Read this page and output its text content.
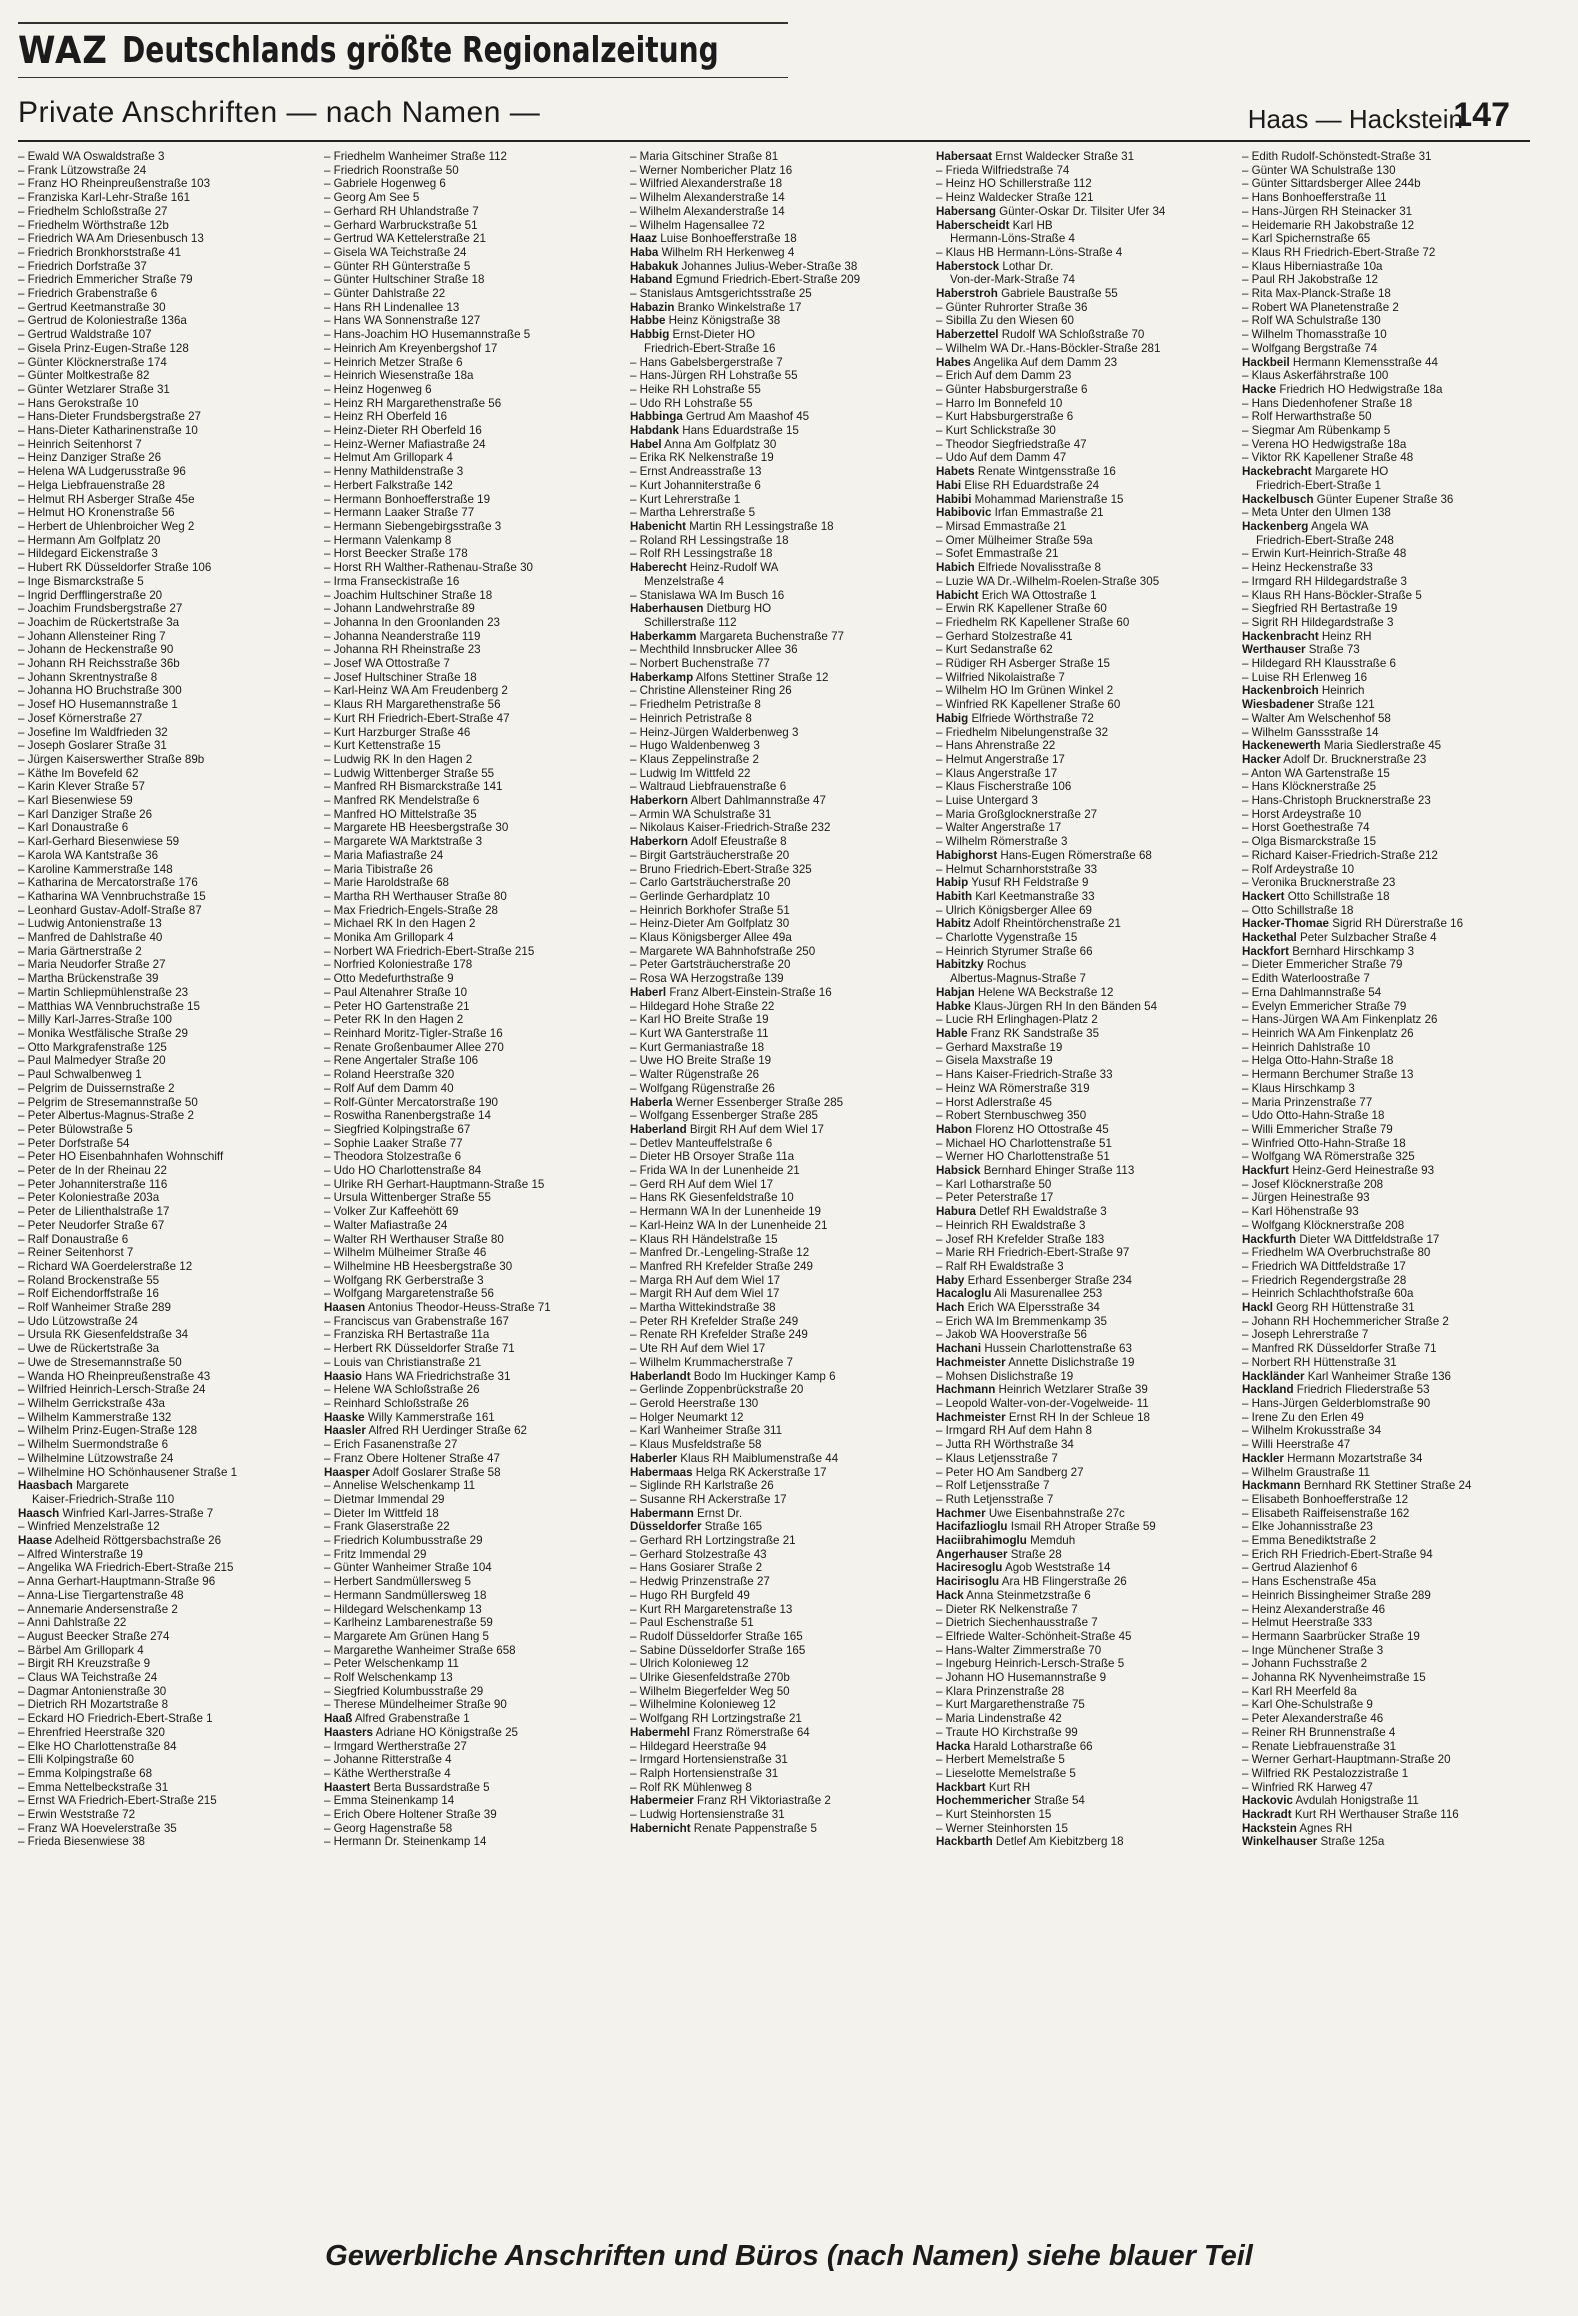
WAZ Deutschlands größte Regionalzeitung
Private Anschriften — nach Namen —	Haas — Hackstein
147
– Ewald WA Oswaldstraße 3
– Frank Lützowstraße 24
– Franz HO Rheinpreußenstraße 103
– Franziska Karl-Lehr-Straße 161
– Friedhelm Schloßstraße 27
– Friedhelm Wörthstraße 12b
– Friedrich WA Am Driesenbusch 13
– Friedrich Bronkhorststraße 41
– Friedrich Dorfstraße 37
– Friedrich Emmericher Straße 79
– Friedrich Grabenstraße 6
– Gertrud Keetmanstraße 30
– Gertrud de Koloniestraße 136a
– Gertrud Waldstraße 107
– Gisela Prinz-Eugen-Straße 128
– Günter Klöcknerstraße 174
– Günter Moltkestraße 82
– Günter Wetzlarer Straße 31
– Hans Gerokstraße 10
– Hans-Dieter Frundsbergstraße 27
– Hans-Dieter Katharinenstraße 10
– Heinrich Seitenhorst 7
– Heinz Danziger Straße 26
– Helena WA Ludgerusstraße 96
– Helga Liebfrauenstraße 28
– Helmut RH Asberger Straße 45e
– Helmut HO Kronenstraße 56
– Herbert de Uhlenbroicher Weg 2
– Hermann Am Golfplatz 20
– Hildegard Eickenstraße 3
– Hubert RK Düsseldorfer Straße 106
– Inge Bismarckstraße 5
– Ingrid Derfflingerstraße 20
– Joachim Frundsbergstraße 27
– Joachim de Rückertstraße 3a
– Johann Allensteiner Ring 7
– Johann de Heckenstraße 90
– Johann RH Reichsstraße 36b
– Johann Skrentnystraße 8
– Johanna HO Bruchstraße 300
– Josef HO Husemannstraße 1
– Josef Körnerstraße 27
– Josefine Im Waldfrieden 32
– Joseph Goslarer Straße 31
– Jürgen Kaiserswerther Straße 89b
– Käthe Im Bovefeld 62
– Karin Klever Straße 57
– Karl Biesenwiese 59
– Karl Danziger Straße 26
– Karl Donaustraße 6
– Karl-Gerhard Biesenwiese 59
– Karola WA Kantstraße 36
– Karoline Kammerstraße 148
– Katharina de Mercatorstraße 176
– Katharina WA Vennbruchstraße 15
– Leonhard Gustav-Adolf-Straße 87
– Ludwig Antonienstraße 13
– Manfred de Dahlstraße 40
– Maria Gärtnerstraße 2
– Maria Neudorfer Straße 27
– Martha Brückenstraße 39
– Martin Schliepmühlenstraße 23
– Matthias WA Vennbruchstraße 15
– Milly Karl-Jarres-Straße 100
– Monika Westfälische Straße 29
– Otto Markgrafenstraße 125
– Paul Malmedyer Straße 20
– Paul Schwalbenweg 1
– Pelgrim de Duissernstraße 2
– Pelgrim de Stresemannstraße 50
– Peter Albertus-Magnus-Straße 2
– Peter Bülowstraße 5
– Peter Dorfstraße 54
– Peter HO Eisenbahnhafen Wohnschiff
– Peter de In der Rheinau 22
– Peter Johanniterstraße 116
– Peter Koloniestraße 203a
– Peter de Lilienthalstraße 17
– Peter Neudorfer Straße 67
– Ralf Donaustraße 6
– Reiner Seitenhorst 7
– Richard WA Goerdelerstraße 12
– Roland Brockenstraße 55
– Rolf Eichendorffstraße 16
– Rolf Wanheimer Straße 289
– Udo Lützowstraße 24
– Ursula RK Giesenfeldstraße 34
– Uwe de Rückertstraße 3a
– Uwe de Stresemannstraße 50
– Wanda HO Rheinpreußenstraße 43
– Wilfried Heinrich-Lersch-Straße 24
– Wilhelm Gerrickstraße 43a
– Wilhelm Kammerstraße 132
– Wilhelm Prinz-Eugen-Straße 128
– Wilhelm Suermondstraße 6
– Wilhelmine Lützowstraße 24
– Wilhelmine HO Schönhausener Straße 1
Haasbach Margarete
Kaiser-Friedrich-Straße 110
Haasch Winfried Karl-Jarres-Straße 7
– Winfried Menzelstraße 12
Haase Adelheid Röttgersbachstraße 26
– Alfred Winterstraße 19
– Angelika WA Friedrich-Ebert-Straße 215
– Anna Gerhart-Hauptmann-Straße 96
– Anna-Lise Tiergartenstraße 48
– Annemarie Andersenstraße 2
– Anni Dahlstraße 22
– August Beecker Straße 274
– Bärbel Am Grillopark 4
– Birgit RH Kreuzstraße 9
– Claus WA Teichstraße 24
– Dagmar Antonienstraße 30
– Dietrich RH Mozartstraße 8
– Eckard HO Friedrich-Ebert-Straße 1
– Ehrenfried Heerstraße 320
– Elke HO Charlottenstraße 84
– Elli Kolpingstraße 60
– Emma Kolpingstraße 68
– Emma Nettelbeckstraße 31
– Ernst WA Friedrich-Ebert-Straße 215
– Erwin Weststraße 72
– Franz WA Hoevelerstraße 35
– Frieda Biesenwiese 38
– Friedhelm Wanheimer Straße 112
– Friedrich Roonstraße 50
– Gabriele Hogenweg 6
– Georg Am See 5
– Gerhard RH Uhlandstraße 7
– Gerhard Warbruckstraße 51
– Gertrud WA Kettelerstraße 21
– Gisela WA Teichstraße 24
– Günter RH Günterstraße 5
– Günter Hultschiner Straße 18
– Günter Dahlstraße 22
– Hans RH Lindenallee 13
– Hans WA Sonnenstraße 127
– Hans-Joachim HO Husemannstraße 5
– Heinrich Am Kreyenbergshof 17
– Heinrich Metzer Straße 6
– Heinrich Wiesenstraße 18a
– Heinz Hogenweg 6
– Heinz RH Margarethenstraße 56
– Heinz RH Oberfeld 16
– Heinz-Dieter RH Oberfeld 16
– Heinz-Werner Mafiastraße 24
– Helmut Am Grillopark 4
– Henny Mathildenstraße 3
– Herbert Falkstraße 142
– Hermann Bonhoefferstraße 19
– Hermann Laaker Straße 77
– Hermann Siebengebirgsstraße 3
– Hermann Valenkamp 8
– Horst Beecker Straße 178
– Horst RH Walther-Rathenau-Straße 30
– Irma Franseckistraße 16
– Joachim Hultschiner Straße 18
– Johann Landwehrstraße 89
– Johanna In den Groonlanden 23
– Johanna Neanderstraße 119
– Johanna RH Rheinstraße 23
– Josef WA Ottostraße 7
– Josef Hultschiner Straße 18
– Karl-Heinz WA Am Freudenberg 2
– Klaus RH Margarethenstraße 56
– Kurt RH Friedrich-Ebert-Straße 47
– Kurt Harzburger Straße 46
– Kurt Kettenstraße 15
– Ludwig RK In den Hagen 2
– Ludwig Wittenberger Straße 55
– Manfred RH Bismarckstraße 141
– Manfred RK Mendelstraße 6
– Manfred HO Mittelstraße 35
– Margarete HB Heesbergstraße 30
– Margarete WA Marktstraße 3
– Maria Mafiastraße 24
– Maria Tibistraße 26
– Marie Haroldstraße 68
– Martha RH Werthauser Straße 80
– Max Friedrich-Engels-Straße 28
– Michael RK In den Hagen 2
– Monika Am Grillopark 4
– Norbert WA Friedrich-Ebert-Straße 215
– Norfried Koloniestraße 178
– Otto Medefurthstraße 9
– Paul Altenahrer Straße 10
– Peter HO Gartenstraße 21
– Peter RK In den Hagen 2
– Reinhard Moritz-Tigler-Straße 16
– Renate Großenbaumer Allee 270
– Rene Angertaler Straße 106
– Roland Heerstraße 320
– Rolf Auf dem Damm 40
– Rolf-Günter Mercatorstraße 190
– Roswitha Ranenbergstraße 14
– Siegfried Kolpingstraße 67
– Sophie Laaker Straße 77
– Theodora Stolzestraße 6
– Udo HO Charlottenstraße 84
– Ulrike RH Gerhart-Hauptmann-Straße 15
– Ursula Wittenberger Straße 55
– Volker Zur Kaffeehött 69
– Walter Mafiastraße 24
– Walter RH Werthauser Straße 80
– Wilhelm Mülheimer Straße 46
– Wilhelmine HB Heesbergstraße 30
– Wolfgang RK Gerberstraße 3
– Wolfgang Margaretenstraße 56
Haasen Antonius Theodor-Heuss-Straße 71
– Franciscus van Grabenstraße 167
– Franziska RH Bertastraße 11a
– Herbert RK Düsseldorfer Straße 71
– Louis van Christianstraße 21
Haasio Hans WA Friedrichstraße 31
– Helene WA Schloßstraße 26
– Reinhard Schloßstraße 26
Haaske Willy Kammerstraße 161
Haasler Alfred RH Uerdinger Straße 62
– Erich Fasanenstraße 27
– Franz Obere Holtener Straße 47
Haasper Adolf Goslarer Straße 58
– Annelise Welschenkamp 11
– Dietmar Immendal 29
– Dieter Im Wittfeld 18
– Frank Glaserstraße 22
– Friedrich Kolumbusstraße 29
– Fritz Immendal 29
– Günter Wanheimer Straße 104
– Herbert Sandmüllersweg 5
– Hermann Sandmüllersweg 18
– Hildegard Welschenkamp 13
– Karlheinz Lambarenestraße 59
– Margarete Am Grünen Hang 5
– Margarethe Wanheimer Straße 658
– Peter Welschenkamp 11
– Rolf Welschenkamp 13
– Siegfried Kolumbusstraße 29
– Therese Mündelheimer Straße 90
Haaß Alfred Grabenstraße 1
Haasters Adriane HO Königstraße 25
– Irmgard Wertherstraße 27
– Johanne Ritterstraße 4
– Käthe Wertherstraße 4
Haastert Berta Bussardstraße 5
– Emma Steinenkamp 14
– Erich Obere Holtener Straße 39
– Georg Hagenstraße 58
– Hermann Dr. Steinenkamp 14
– Maria Gitschiner Straße 81
– Werner Nombericher Platz 16
– Wilfried Alexanderstraße 18
– Wilhelm Alexanderstraße 14
– Wilhelm Alexanderstraße 14
– Wilhelm Hagensallee 72
Haaz Luise Bonhoefferstraße 18
Haba Wilhelm RH Herkenweg 4
Habakuk Johannes Julius-Weber-Straße 38
Haband Egmund Friedrich-Ebert-Straße 209
– Stanislaus Amtsgerichtsstraße 25
Habazin Branko Winkelstraße 17
Habbe Heinz Königstraße 38
Habbig Ernst-Dieter HO
Friedrich-Ebert-Straße 16
– Hans Gabelsbergerstraße 7
– Hans-Jürgen RH Lohstraße 55
– Heike RH Lohstraße 55
– Udo RH Lohstraße 55
Habbinga Gertrud Am Maashof 45
Habdank Hans Eduardstraße 15
Habel Anna Am Golfplatz 30
– Erika RK Nelkenstraße 19
– Ernst Andreasstraße 13
– Kurt Johanniterstraße 6
– Kurt Lehrerstraße 1
– Martha Lehrerstraße 5
Habenicht Martin RH Lessingstraße 18
– Roland RH Lessingstraße 18
– Rolf RH Lessingstraße 18
Haberecht Heinz-Rudolf WA
Menzelstraße 4
– Stanislawa WA Im Busch 16
Haberhausen Dietburg HO
Schillerstraße 112
Haberkamm Margareta Buchenstraße 77
– Mechthild Innsbrucker Allee 36
– Norbert Buchenstraße 77
Haberkamp Alfons Stettiner Straße 12
– Christine Allensteiner Ring 26
– Friedhelm Petristraße 8
– Heinrich Petristraße 8
– Heinz-Jürgen Walderbenweg 3
– Hugo Waldenbenweg 3
– Klaus Zeppelinstraße 2
– Ludwig Im Wittfeld 22
– Waltraud Liebfrauenstraße 6
Haberkorn Albert Dahlmannstraße 47
– Armin WA Schulstraße 31
– Nikolaus Kaiser-Friedrich-Straße 232
Haberkorn Adolf Efeustraße 8
– Birgit Gartsträucherstraße 20
– Bruno Friedrich-Ebert-Straße 325
– Carlo Gartsträucherstraße 20
– Gerlinde Gerhardplatz 10
– Heinrich Borkhofer Straße 51
– Heinz-Dieter Am Golfplatz 30
– Klaus Königsberger Allee 49a
– Margarete WA Bahnhofstraße 250
– Peter Gartsträucherstraße 20
– Rosa WA Herzogstraße 139
Haberl Franz Albert-Einstein-Straße 16
– Hildegard Hohe Straße 22
– Karl HO Breite Straße 19
– Kurt WA Ganterstraße 11
– Kurt Germaniastraße 18
– Uwe HO Breite Straße 19
– Walter Rügenstraße 26
– Wolfgang Rügenstraße 26
Haberla Werner Essenberger Straße 285
– Wolfgang Essenberger Straße 285
Haberland Birgit RH Auf dem Wiel 17
– Detlev Manteuffelstraße 6
– Dieter HB Orsoyer Straße 11a
– Frida WA In der Lunenheide 21
– Gerd RH Auf dem Wiel 17
– Hans RK Giesenfeldstraße 10
– Hermann WA In der Lunenheide 19
– Karl-Heinz WA In der Lunenheide 21
– Klaus RH Händelstraße 15
– Manfred Dr.-Lengeling-Straße 12
– Manfred RH Krefelder Straße 249
– Marga RH Auf dem Wiel 17
– Margit RH Auf dem Wiel 17
– Martha Wittekindstraße 38
– Peter RH Krefelder Straße 249
– Renate RH Krefelder Straße 249
– Ute RH Auf dem Wiel 17
– Wilhelm Krummacherstraße 7
Haberlandt Bodo Im Huckinger Kamp 6
– Gerlinde Zoppenbrückstraße 20
– Gerold Heerstraße 130
– Holger Neumarkt 12
– Karl Wanheimer Straße 311
– Klaus Musfeldstraße 58
Haberler Klaus RH Maiblumenstraße 44
Habermaas Helga RK Ackerstraße 17
– Siglinde RH Karlstraße 26
– Susanne RH Ackerstraße 17
Habermann Ernst Dr.
Düsseldorfer Straße 165
– Gerhard RH Lortzingstraße 21
– Gerhard Stolzestraße 43
– Hans Gosiarer Straße 2
– Hedwig Prinzenstraße 27
– Hugo RH Burgfeld 49
– Kurt RH Margaretenstraße 13
– Paul Eschenstraße 51
– Rudolf Düsseldorfer Straße 165
– Sabine Düsseldorfer Straße 165
– Ulrich Kolonieweg 12
– Ulrike Giesenfeldstraße 270b
– Wilhelm Biegerfelder Weg 50
– Wilhelmine Kolonieweg 12
– Wolfgang RH Lortzingstraße 21
Habermehl Franz Römerstraße 64
– Hildegard Heerstraße 94
– Irmgard Hortensienstraße 31
– Ralph Hortensienstraße 31
– Rolf RK Mühlenweg 8
Habermeier Franz RH Viktoriastraße 2
– Ludwig Hortensienstraße 31
Habernicht Renate Pappenstraße 5
Habersaat Ernst Waldecker Straße 31
– Frieda Wilfriedstraße 74
– Heinz HO Schillerstraße 112
– Heinz Waldecker Straße 121
Habersang Günter-Oskar Dr. Tilsiter Ufer 34
Haberscheidt Karl HB
Hermann-Löns-Straße 4
– Klaus HB Hermann-Löns-Straße 4
Haberstock Lothar Dr.
Von-der-Mark-Straße 74
Haberstroh Gabriele Baustraße 55
– Günter Ruhrorter Straße 36
– Sibilla Zu den Wiesen 60
Haberzettel Rudolf WA Schloßstraße 70
– Wilhelm WA Dr.-Hans-Böckler-Straße 281
Habes Angelika Auf dem Damm 23
– Erich Auf dem Damm 23
– Günter Habsburgerstraße 6
– Harro Im Bonnefeld 10
– Kurt Habsburgerstraße 6
– Kurt Schlickstraße 30
– Theodor Siegfriedstraße 47
– Udo Auf dem Damm 47
Habets Renate Wintgensstraße 16
Habi Elise RH Eduardstraße 24
Habibi Mohammad Marienstraße 15
Habibovic Irfan Emmastraße 21
– Mirsad Emmastraße 21
– Omer Mülheimer Straße 59a
– Sofet Emmastraße 21
Habich Elfriede Novalisstraße 8
– Luzie WA Dr.-Wilhelm-Roelen-Straße 305
Habicht Erich WA Ottostraße 1
– Erwin RK Kapellener Straße 60
– Friedhelm RK Kapellener Straße 60
– Gerhard Stolzestraße 41
– Kurt Sedanstraße 62
– Rüdiger RH Asberger Straße 15
– Wilfried Nikolaistraße 7
– Wilhelm HO Im Grünen Winkel 2
– Winfried RK Kapellener Straße 60
Habig Elfriede Wörthstraße 72
– Friedhelm Nibelungenstraße 32
– Hans Ahrenstraße 22
– Helmut Angerstraße 17
– Klaus Angerstraße 17
– Klaus Fischerstraße 106
– Luise Untergard 3
– Maria Großglocknerstraße 27
– Walter Angerstraße 17
– Wilhelm Römerstraße 3
Habighorst Hans-Eugen Römerstraße 68
– Helmut Scharnhorststraße 33
Habip Yusuf RH Feldstraße 9
Habith Karl Keetmanstraße 33
– Ulrich Königsberger Allee 69
Habitz Adolf Rheintörchenstraße 21
– Charlotte Vygenstraße 15
– Heinrich Styrumer Straße 66
Habitzky Rochus
Albertus-Magnus-Straße 7
Habjan Helene WA Beckstraße 12
Habke Klaus-Jürgen RH In den Bänden 54
– Lucie RH Erlinghagen-Platz 2
Hable Franz RK Sandstraße 35
– Gerhard Maxstraße 19
– Gisela Maxstraße 19
– Hans Kaiser-Friedrich-Straße 33
– Heinz WA Römerstraße 319
– Horst Adlerstraße 45
– Robert Sternbuschweg 350
Habon Florenz HO Ottostraße 45
– Michael HO Charlottenstraße 51
– Werner HO Charlottenstraße 51
Habsick Bernhard Ehinger Straße 113
– Karl Lotharstraße 50
– Peter Peterstraße 17
Habura Detlef RH Ewaldstraße 3
– Heinrich RH Ewaldstraße 3
– Josef RH Krefelder Straße 183
– Marie RH Friedrich-Ebert-Straße 97
– Ralf RH Ewaldstraße 3
Haby Erhard Essenberger Straße 234
Hacaloglu Ali Masurenallee 253
Hach Erich WA Elpersstraße 34
– Erich WA Im Bremmenkamp 35
– Jakob WA Hooverstraße 56
Hachani Hussein Charlottenstraße 63
Hachmeister Annette Dislichstraße 19
– Mohsen Dislichstraße 19
Hachmann Heinrich Wetzlarer Straße 39
– Leopold Walter-von-der-Vogelweide- 11
Hachmeister Ernst RH In der Schleue 18
– Irmgard RH Auf dem Hahn 8
– Jutta RH Wörthstraße 34
– Klaus Letjensstraße 7
– Peter HO Am Sandberg 27
– Rolf Letjensstraße 7
– Ruth Letjensstraße 7
Hachmer Uwe Eisenbahnstraße 27c
Hacifazlioglu Ismail RH Atroper Straße 59
Haciibrahimoglu Memduh
Angerhauser Straße 28
Haciresoglu Agob Weststraße 14
Hacirisoglu Ara HB Flingerstraße 26
Hack Anna Steinmetzstraße 6
– Dieter RK Nelkenstraße 7
– Dietrich Siechenhausstraße 7
– Elfriede Walter-Schönheit-Straße 45
– Hans-Walter Zimmerstraße 70
– Ingeburg Heinrich-Lersch-Straße 5
– Johann HO Husemannstraße 9
– Klara Prinzenstraße 28
– Kurt Margarethenstraße 75
– Maria Lindenstraße 42
– Traute HO Kirchstraße 99
Hacka Harald Lotharstraße 66
– Herbert Memelstraße 5
– Lieselotte Memelstraße 5
Hackbart Kurt RH
Hochemmericher Straße 54
– Kurt Steinhorsten 15
– Werner Steinhorsten 15
Hackbarth Detlef Am Kiebitzberg 18
– Edith Rudolf-Schönstedt-Straße 31
– Günter WA Schulstraße 130
– Günter Sittardsberger Allee 244b
– Hans Bonhoefferstraße 11
– Hans-Jürgen RH Steinacker 31
– Heidemarie RH Jakobstraße 12
– Karl Spichernstraße 65
– Klaus RH Friedrich-Ebert-Straße 72
– Klaus Hiberniastraße 10a
– Paul RH Jakobstraße 12
– Rita Max-Planck-Straße 18
– Robert WA Planetenstraße 2
– Rolf WA Schulstraße 130
– Wilhelm Thomasstraße 10
– Wolfgang Bergstraße 74
Hackbeil Hermann Klemensstraße 44
– Klaus Askerfährstraße 100
Hacke Friedrich HO Hedwigstraße 18a
– Hans Diedenhofener Straße 18
– Rolf Herwarthstraße 50
– Siegmar Am Rübenkamp 5
– Verena HO Hedwigstraße 18a
– Viktor RK Kapellener Straße 48
Hackebracht Margarete HO
Friedrich-Ebert-Straße 1
Hackelbusch Günter Eupener Straße 36
– Meta Unter den Ulmen 138
Hackenberg Angela WA
Friedrich-Ebert-Straße 248
– Erwin Kurt-Heinrich-Straße 48
– Heinz Heckenstraße 33
– Irmgard RH Hildegardstraße 3
– Klaus RH Hans-Böckler-Straße 5
– Siegfried RH Bertastraße 19
– Sigrit RH Hildegardstraße 3
Hackenbracht Heinz RH
Werthauser Straße 73
– Hildegard RH Klausstraße 6
– Luise RH Erlenweg 16
Hackenbroich Heinrich
Wiesbadener Straße 121
– Walter Am Welschenhof 58
– Wilhelm Ganssstraße 14
Hackenewerth Maria Siedlerstraße 45
Hacker Adolf Dr. Brucknerstraße 23
– Anton WA Gartenstraße 15
– Hans Klöcknerstraße 25
– Hans-Christoph Brucknerstraße 23
– Horst Ardeystraße 10
– Horst Goethestraße 74
– Olga Bismarckstraße 15
– Richard Kaiser-Friedrich-Straße 212
– Rolf Ardeystraße 10
– Veronika Brucknerstraße 23
Hackert Otto Schillstraße 18
– Otto Schillstraße 18
Hacker-Thomae Sigrid RH Dürerstraße 16
Hackethal Peter Sulzbacher Straße 4
Hackfort Bernhard Hirschkamp 3
– Dieter Emmericher Straße 79
– Edith Waterloostraße 7
– Erna Dahlmannstraße 54
– Evelyn Emmericher Straße 79
– Hans-Jürgen WA Am Finkenplatz 26
– Heinrich WA Am Finkenplatz 26
– Heinrich Dahlstraße 10
– Helga Otto-Hahn-Straße 18
– Hermann Berchumer Straße 13
– Klaus Hirschkamp 3
– Maria Prinzenstraße 77
– Udo Otto-Hahn-Straße 18
– Willi Emmericher Straße 79
– Winfried Otto-Hahn-Straße 18
– Wolfgang WA Römerstraße 325
Hackfurt Heinz-Gerd Heinestraße 93
– Josef Klöcknerstraße 208
– Jürgen Heinestraße 93
– Karl Höhenstraße 93
– Wolfgang Klöcknerstraße 208
Hackfurth Dieter WA Dittfeldstraße 17
– Friedhelm WA Overbruchstraße 80
– Friedrich WA Dittfeldstraße 17
– Friedrich Regendergstraße 28
– Heinrich Schlachthofstraße 60a
Hackl Georg RH Hüttenstraße 31
– Johann RH Hochemmericher Straße 2
– Joseph Lehrerstraße 7
– Manfred RK Düsseldorfer Straße 71
– Norbert RH Hüttenstraße 31
Hackländer Karl Wanheimer Straße 136
Hackland Friedrich Fliederstraße 53
– Hans-Jürgen Gelderblomstraße 90
– Irene Zu den Erlen 49
– Wilhelm Krokusstraße 34
– Willi Heerstraße 47
Hackler Hermann Mozartstraße 34
– Wilhelm Graustraße 11
Hackmann Bernhard RK Stettiner Straße 24
– Elisabeth Bonhoefferstraße 12
– Elisabeth Raiffeisenstraße 162
– Elke Johannisstraße 23
– Emma Benediktstraße 2
– Erich RH Friedrich-Ebert-Straße 94
– Gertrud Alazienhof 6
– Hans Eschenstraße 45a
– Heinrich Bissingheimer Straße 289
– Heinz Alexanderstraße 46
– Helmut Heerstraße 333
– Hermann Saarbrücker Straße 19
– Inge Münchener Straße 3
– Johann Fuchsstraße 2
– Johanna RK Nyvenheimstraße 15
– Karl RH Meerfeld 8a
– Karl Ohe-Schulstraße 9
– Peter Alexanderstraße 46
– Reiner RH Brunnenstraße 4
– Renate Liebfrauenstraße 31
– Werner Gerhart-Hauptmann-Straße 20
– Wilfried RK Pestalozzistraße 1
– Winfried RK Harweg 47
Hackovic Avdulah Honigstraße 11
Hackradt Kurt RH Werthauser Straße 116
Hackstein Agnes RH
Winkelhauser Straße 125a
Gewerbliche Anschriften und Büros (nach Namen) siehe blauer Teil
